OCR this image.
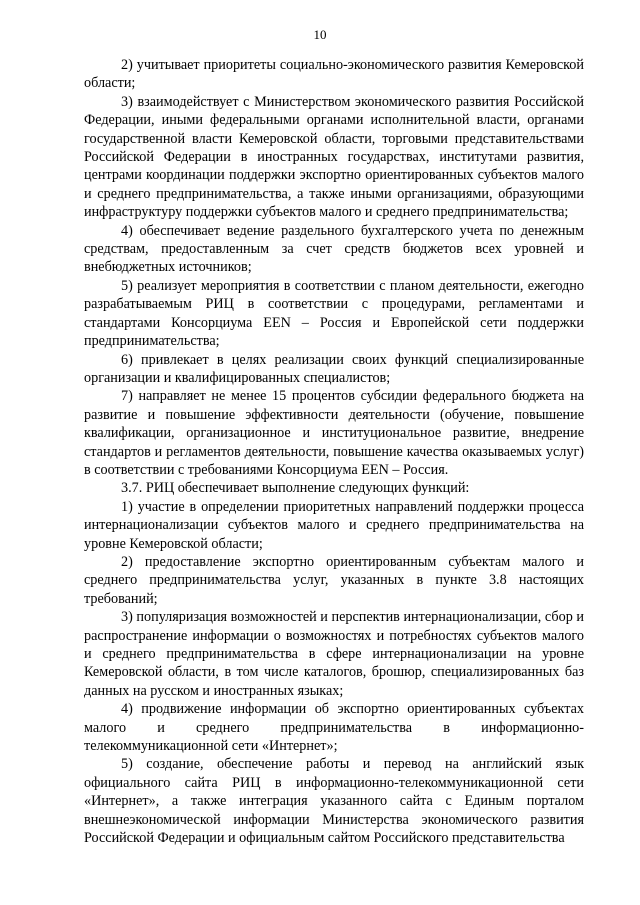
10

2) учитывает приоритеты социально-экономического развития Кемеровской области;

3) взаимодействует с Министерством экономического развития Российской Федерации, иными федеральными органами исполнительной власти, органами государственной власти Кемеровской области, торговыми представительствами Российской Федерации в иностранных государствах, институтами развития, центрами координации поддержки экспортно ориентированных субъектов малого и среднего предпринимательства, а также иными организациями, образующими инфраструктуру поддержки субъектов малого и среднего предпринимательства;

4) обеспечивает ведение раздельного бухгалтерского учета по денежным средствам, предоставленным за счет средств бюджетов всех уровней и внебюджетных источников;

5) реализует мероприятия в соответствии с планом деятельности, ежегодно разрабатываемым РИЦ в соответствии с процедурами, регламентами и стандартами Консорциума EEN – Россия и Европейской сети поддержки предпринимательства;

6) привлекает в целях реализации своих функций специализированные организации и квалифицированных специалистов;

7) направляет не менее 15 процентов субсидии федерального бюджета на развитие и повышение эффективности деятельности (обучение, повышение квалификации, организационное и институциональное развитие, внедрение стандартов и регламентов деятельности, повышение качества оказываемых услуг) в соответствии с требованиями Консорциума EEN – Россия.

3.7. РИЦ обеспечивает выполнение следующих функций:

1) участие в определении приоритетных направлений поддержки процесса интернационализации субъектов малого и среднего предпринимательства на уровне Кемеровской области;

2) предоставление экспортно ориентированным субъектам малого и среднего предпринимательства услуг, указанных в пункте 3.8 настоящих требований;

3) популяризация возможностей и перспектив интернационализации, сбор и распространение информации о возможностях и потребностях субъектов малого и среднего предпринимательства в сфере интернационализации на уровне Кемеровской области, в том числе каталогов, брошюр, специализированных баз данных на русском и иностранных языках;

4) продвижение информации об экспортно ориентированных субъектах малого и среднего предпринимательства в информационно-телекоммуникационной сети «Интернет»;

5) создание, обеспечение работы и перевод на английский язык официального сайта РИЦ в информационно-телекоммуникационной сети «Интернет», а также интеграция указанного сайта с Единым порталом внешнеэкономической информации Министерства экономического развития Российской Федерации и официальным сайтом Российского представительства
